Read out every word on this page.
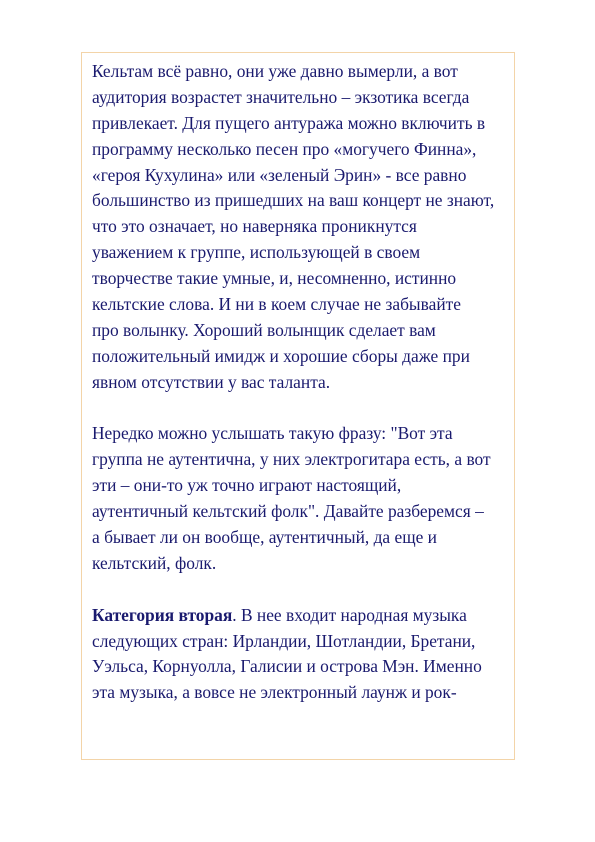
Кельтам всё равно, они уже давно вымерли, а вот
аудитория возрастет значительно – экзотика всегда
привлекает. Для пущего антуража можно включить в
программу несколько песен про «могучего Финна»,
«героя Кухулина» или «зеленый Эрин» - все равно
большинство из пришедших на ваш концерт не знают,
что это означает, но наверняка проникнутся
уважением к группе, использующей в своем
творчестве такие умные, и, несомненно, истинно
кельтские слова. И ни в коем случае не забывайте
про волынку. Хороший волынщик сделает вам
положительный имидж и хорошие сборы даже при
явном отсутствии у вас таланта.
Нередко можно услышать такую фразу: "Вот эта
группа не аутентична, у них электрогитара есть, а вот
эти – они-то уж точно играют настоящий,
аутентичный кельтский фолк". Давайте разберемся –
а бывает ли он вообще, аутентичный, да еще и
кельтский, фолк.
Категория вторая. В нее входит народная музыка
следующих стран: Ирландии, Шотландии, Бретани,
Уэльса, Корнуолла, Галисии и острова Мэн. Именно
эта музыка, а вовсе не электронный лаунж и рок-
